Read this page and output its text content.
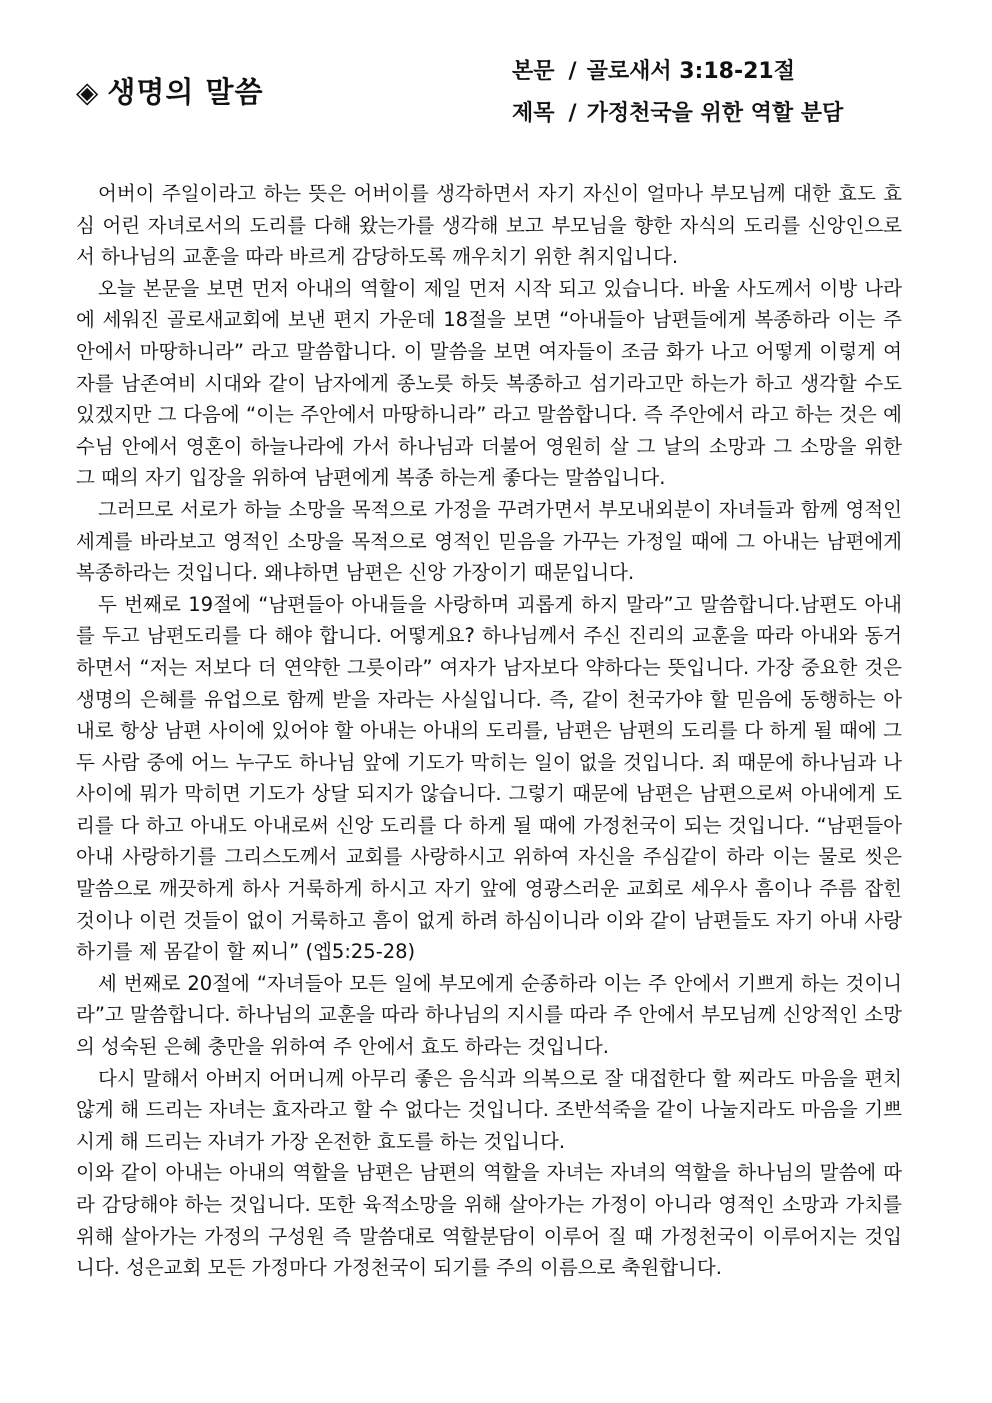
◈ 생명의 말씀
본문 / 골로새서 3:18-21절
제목 / 가정천국을 위한 역할 분담

어버이 주일이라고 하는 뜻은 어버이를 생각하면서 자기 자신이 얼마나 부모님께 대한 효도 효심 어린 자녀로서의 도리를 다해 왔는가를 생각해 보고 부모님을 향한 자식의 도리를 신앙인으로서 하나님의 교훈을 따라 바르게 감당하도록 깨우치기 위한 취지입니다.

오늘 본문을 보면 먼저 아내의 역할이 제일 먼저 시작 되고 있습니다. 바울 사도께서 이방 나라에 세워진 골로새교회에 보낸 편지 가운데 18절을 보면 “아내들아 남편들에게 복종하라 이는 주 안에서 마땅하니라” 라고 말씀합니다. 이 말씀을 보면 여자들이 조금 화가 나고 어떻게 이렇게 여자를 남존여비 시대와 같이 남자에게 종노릇 하듯 복종하고 섬기라고만 하는가 하고 생각할 수도 있겠지만 그 다음에 “이는 주안에서 마땅하니라” 라고 말씀합니다. 즉 주안에서 라고 하는 것은 예수님 안에서 영혼이 하늘나라에 가서 하나님과 더불어 영원히 살 그 날의 소망과 그 소망을 위한 그 때의 자기 입장을 위하여 남편에게 복종 하는게 좋다는 말씀입니다.

그러므로 서로가 하늘 소망을 목적으로 가정을 꾸려가면서 부모내외분이 자녀들과 함께 영적인 세계를 바라보고 영적인 소망을 목적으로 영적인 믿음을 가꾸는 가정일 때에 그 아내는 남편에게 복종하라는 것입니다. 왜냐하면 남편은 신앙 가장이기 때문입니다.

두 번째로 19절에 “남편들아 아내들을 사랑하며 괴롭게 하지 말라”고 말씀합니다.남편도 아내를 두고 남편도리를 다 해야 합니다. 어떻게요? 하나님께서 주신 진리의 교훈을 따라 아내와 동거하면서 “저는 저보다 더 연약한 그릇이라” 여자가 남자보다 약하다는 뜻입니다. 가장 중요한 것은 생명의 은혜를 유업으로 함께 받을 자라는 사실입니다. 즉, 같이 천국가야 할 믿음에 동행하는 아내로 항상 남편 사이에 있어야 할 아내는 아내의 도리를, 남편은 남편의 도리를 다 하게 될 때에 그 두 사람 중에 어느 누구도 하나님 앞에 기도가 막히는 일이 없을 것입니다. 죄 때문에 하나님과 나 사이에 뭐가 막히면 기도가 상달 되지가 않습니다. 그렇기 때문에 남편은 남편으로써 아내에게 도리를 다 하고 아내도 아내로써 신앙 도리를 다 하게 될 때에 가정천국이 되는 것입니다. “남편들아 아내 사랑하기를 그리스도께서 교회를 사랑하시고 위하여 자신을 주심같이 하라 이는 물로 씻은 말씀으로 깨끗하게 하사 거룩하게 하시고 자기 앞에 영광스러운 교회로 세우사 흠이나 주름 잡힌 것이나 이런 것들이 없이 거룩하고 흠이 없게 하려 하심이니라 이와 같이 남편들도 자기 아내 사랑하기를 제 몸같이 할 찌니” (엡5:25-28)

세 번째로 20절에 “자녀들아 모든 일에 부모에게 순종하라 이는 주 안에서 기쁘게 하는 것이니라”고 말씀합니다. 하나님의 교훈을 따라 하나님의 지시를 따라 주 안에서 부모님께 신앙적인 소망의 성숙된 은혜 충만을 위하여 주 안에서 효도 하라는 것입니다.

다시 말해서 아버지 어머니께 아무리 좋은 음식과 의복으로 잘 대접한다 할 찌라도 마음을 편치 않게 해 드리는 자녀는 효자라고 할 수 없다는 것입니다. 조반석죽을 같이 나눌지라도 마음을 기쁘시게 해 드리는 자녀가 가장 온전한 효도를 하는 것입니다.

이와 같이 아내는 아내의 역할을 남편은 남편의 역할을 자녀는 자녀의 역할을 하나님의 말씀에 따라 감당해야 하는 것입니다. 또한 육적소망을 위해 살아가는 가정이 아니라 영적인 소망과 가치를 위해 살아가는 가정의 구성원 즉 말씀대로 역할분담이 이루어 질 때 가정천국이 이루어지는 것입니다. 성은교회 모든 가정마다 가정천국이 되기를 주의 이름으로 축원합니다.
